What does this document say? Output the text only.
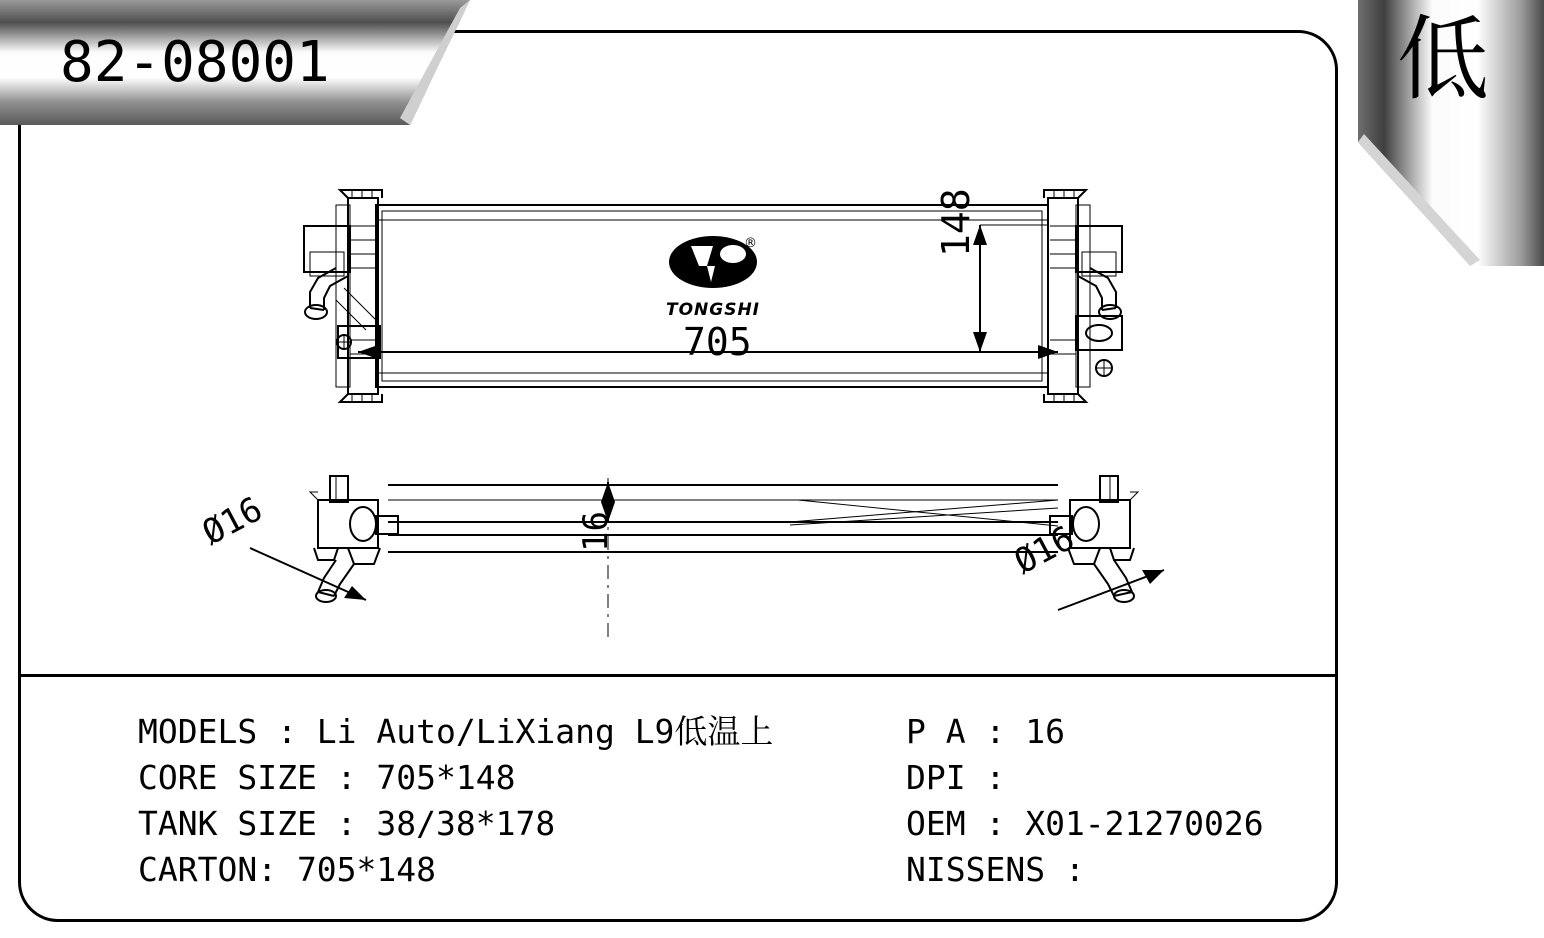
®
TONGSHI
705
148
16
Ø16	Ø16
82-08001	低
MODELS : Li Auto/LiXiang L9低温上
CORE SIZE : 705*148
TANK SIZE : 38/38*178
CARTON: 705*148
P A : 16
DPI :
OEM : X01-21270026
NISSENS :
